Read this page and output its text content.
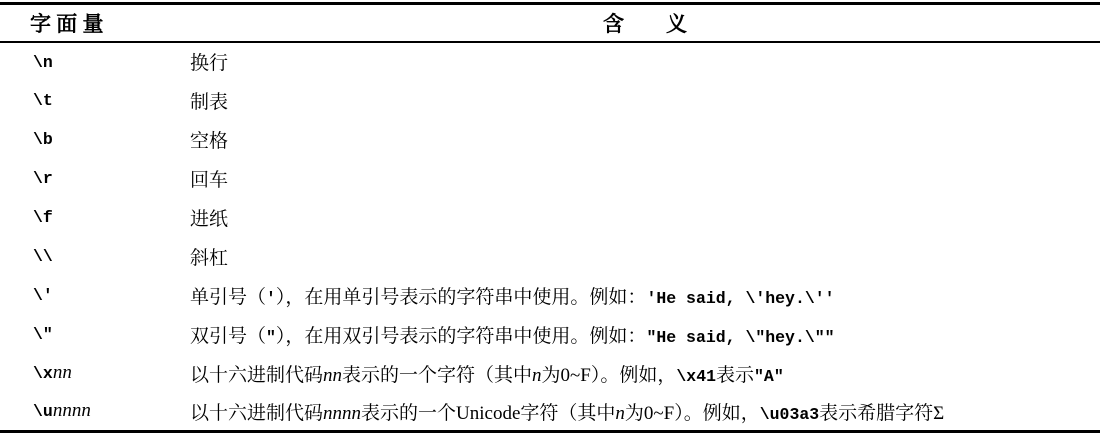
字 面 量	含　　义
\n	换行
\t	制表
\b	空格
\r	回车
\f	进纸
\\	斜杠
\'	单引号（'），在用单引号表示的字符串中使用。例如：'He said, \'hey.\''
\"	双引号（"），在用双引号表示的字符串中使用。例如："He said, \"hey.\""
\xnn	以十六进制代码nn表示的一个字符（其中n为0~F）。例如，\x41表示"A"
\unnnn	以十六进制代码nnnn表示的一个Unicode字符（其中n为0~F）。例如，\u03a3表示希腊字符Σ
